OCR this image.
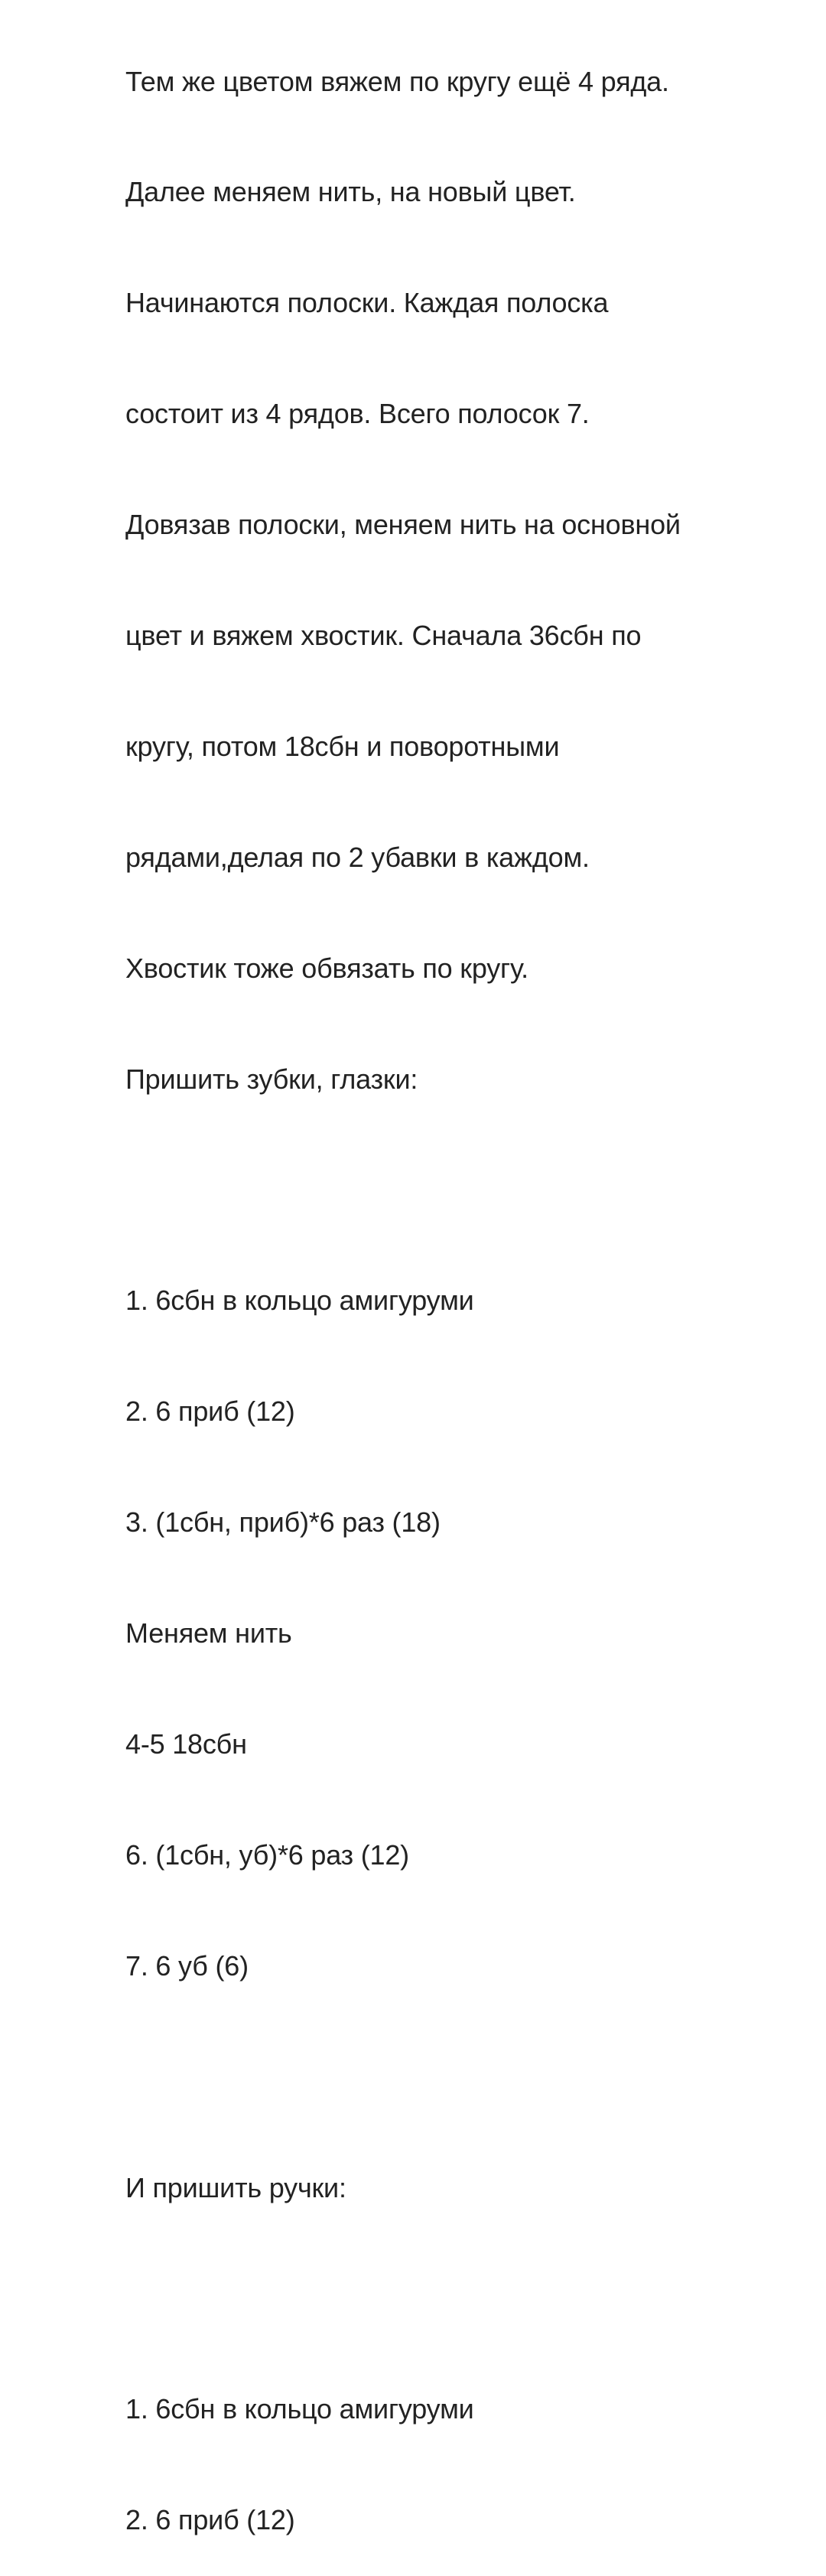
Тем же цветом вяжем по кругу ещё 4 ряда.

Далее меняем нить, на новый цвет.

Начинаются полоски. Каждая полоска

состоит из 4 рядов. Всего полосок 7.

Довязав полоски, меняем нить на основной

цвет и вяжем хвостик. Сначала 36сбн по

кругу, потом 18сбн и поворотными

рядами,делая по 2 убавки в каждом.

Хвостик тоже обвязать по кругу.

Пришить зубки, глазки:

1. 6сбн в кольцо амигуруми

2. 6 приб (12)

3. (1сбн, приб)*6 раз (18)

Меняем нить

4-5 18сбн

6. (1сбн, уб)*6 раз (12)

7. 6 уб (6)

И пришить ручки:

1. 6сбн в кольцо амигуруми

2. 6 приб (12)
